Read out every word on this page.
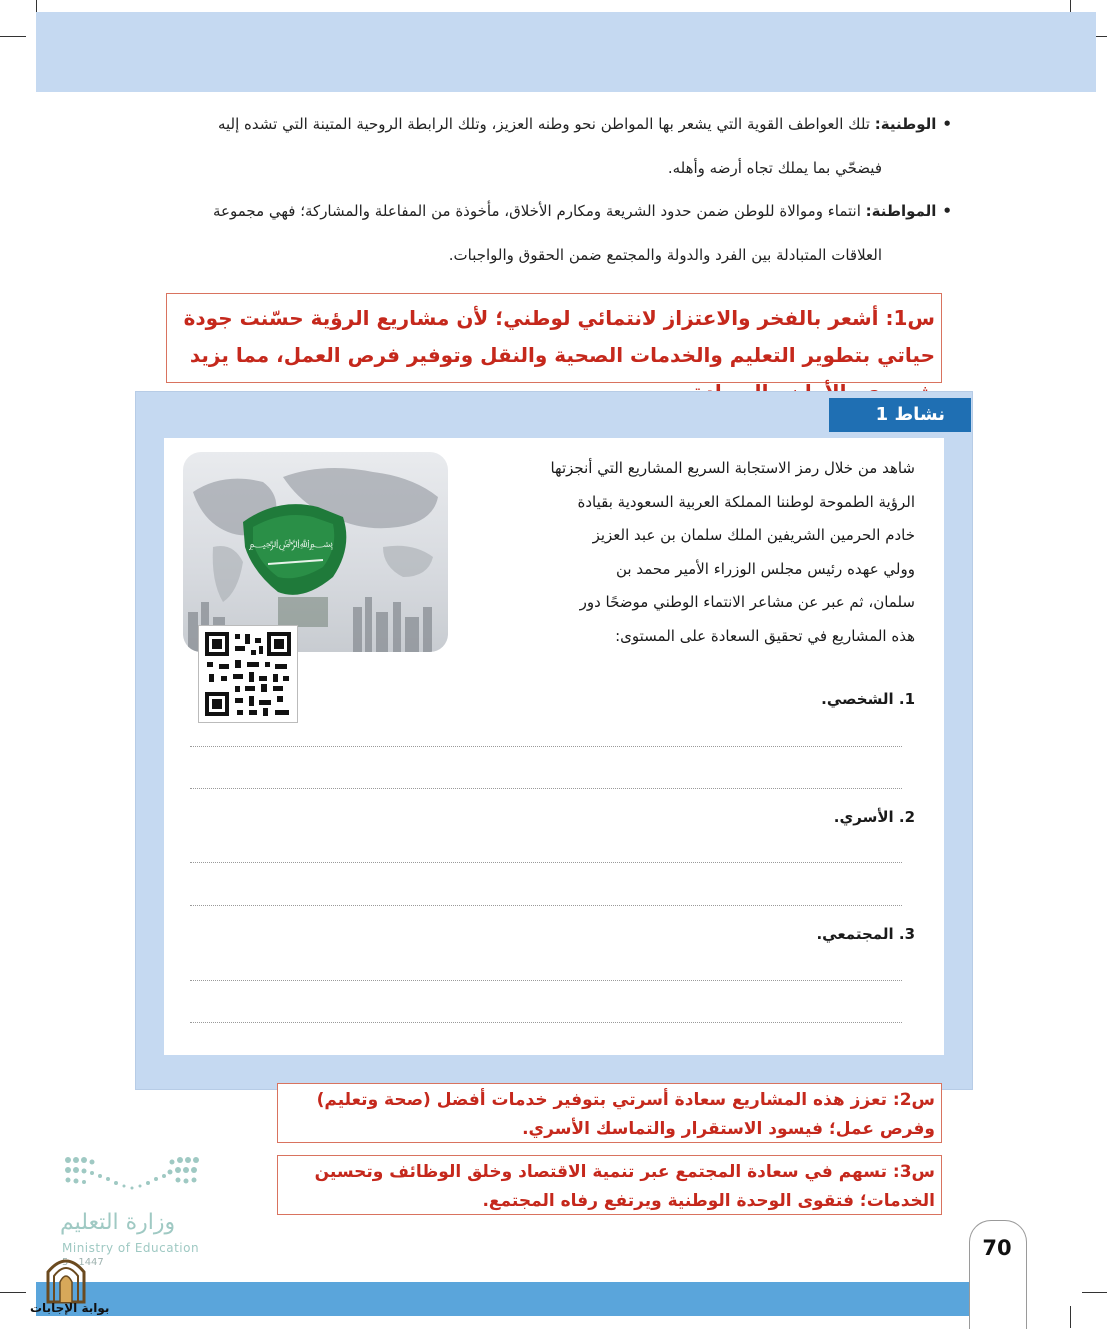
•الوطنية: تلك العواطف القوية التي يشعر بها المواطن نحو وطنه العزيز، وتلك الرابطة الروحية المتينة التي تشده إليه
فيضحّي بما يملك تجاه أرضه وأهله.
•المواطنة: انتماء وموالاة للوطن ضمن حدود الشريعة ومكارم الأخلاق، مأخوذة من المفاعلة والمشاركة؛ فهي مجموعة
العلاقات المتبادلة بين الفرد والدولة والمجتمع ضمن الحقوق والواجبات.
س1: أشعر بالفخر والاعتزاز لانتمائي لوطني؛ لأن مشاريع الرؤية حسّنت جودة حياتي بتطوير التعليم والخدمات الصحية والنقل وتوفير فرص العمل، مما يزيد
نشاط 1
﷽
شاهد من خلال رمز الاستجابة السريع المشاريع التي أنجزتها
الرؤية الطموحة لوطننا المملكة العربية السعودية بقيادة
خادم الحرمين الشريفين الملك سلمان بن عبد العزيز
وولي عهده رئيس مجلس الوزراء الأمير محمد بن
سلمان، ثم عبر عن مشاعر الانتماء الوطني موضحًا دور
هذه المشاريع في تحقيق السعادة على المستوى:
1. الشخصي.
2. الأسري.
3. المجتمعي.
س2: تعزز هذه المشاريع سعادة أسرتي بتوفير خدمات أفضل (صحة وتعليم) وفرص عمل؛ فيسود الاستقرار والتماسك الأسري.
س3: تسهم في سعادة المجتمع عبر تنمية الاقتصاد وخلق الوظائف وتحسين الخدمات؛ فتقوى الوحدة الوطنية ويرتفع رفاه المجتمع.
وزارة التعليم
Ministry of Education
5 - 1447
70
بوابة الإجابات
